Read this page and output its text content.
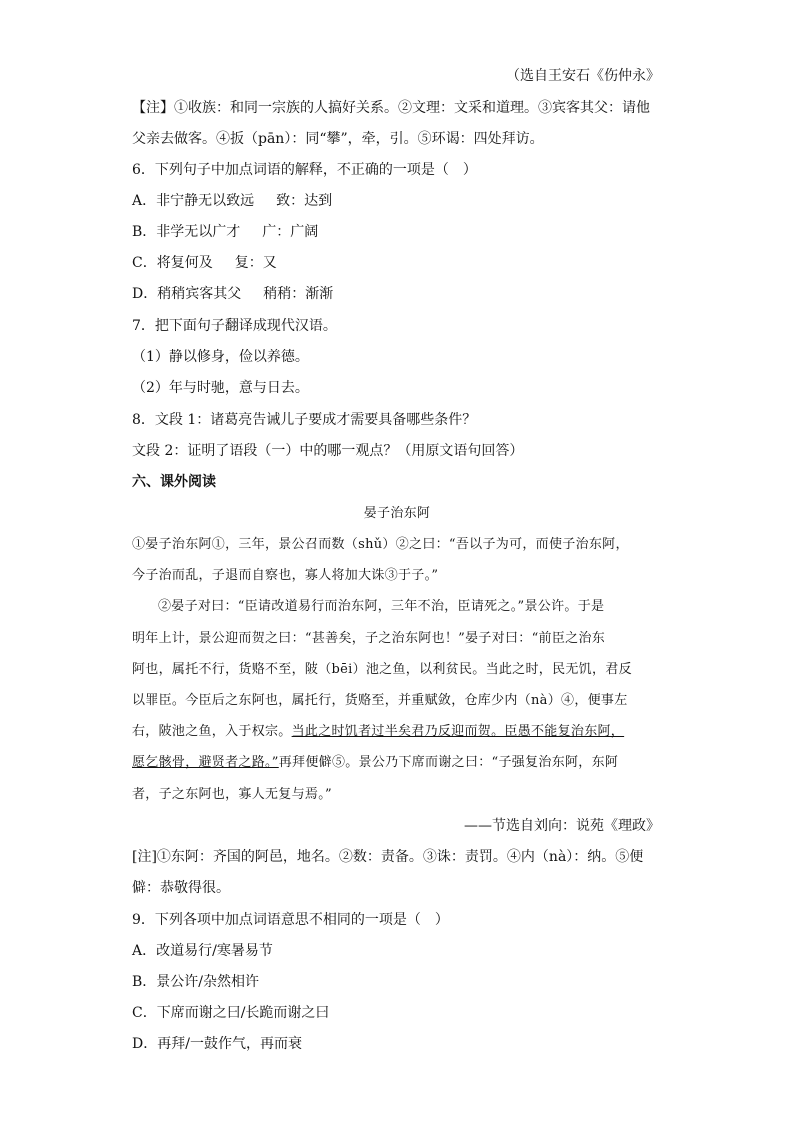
（选自王安石《伤仲永》
【注】①收族：和同一宗族的人搞好关系。②文理：文采和道理。③宾客其父：请他
父亲去做客。④扳（pān）：同“攀”，牵，引。⑤环谒：四处拜访。
6．下列句子中加点词语的解释，不正确的一项是（　）
A．非宁静无以致远 致：达到
B．非学无以广才 广：广阔
C．将复何及 复：又
D．稍稍宾客其父 稍稍：渐渐
7．把下面句子翻译成现代汉语。
（1）静以修身，俭以养德。
（2）年与时驰，意与日去。
8．文段 1：诸葛亮告诫儿子要成才需要具备哪些条件？
文段 2：证明了语段（一）中的哪一观点？（用原文语句回答）
六、课外阅读
晏子治东阿
①晏子治东阿①，三年，景公召而数（shǔ）②之曰：“吾以子为可，而使子治东阿，
今子治而乱，子退而自察也，寡人将加大诛③于子。”
②晏子对曰：“臣请改道易行而治东阿，三年不治，臣请死之。”景公许。于是
明年上计，景公迎而贺之曰：“甚善矣，子之治东阿也！”晏子对曰：“前臣之治东
阿也，属托不行，货赂不至，陂（bēi）池之鱼，以利贫民。当此之时，民无饥，君反
以罪臣。今臣后之东阿也，属托行，货赂至，并重赋敛，仓库少内（nà）④，便事左
右，陂池之鱼，入于权宗。当此之时饥者过半矣君乃反迎而贺。臣愚不能复治东阿，
愿乞骸骨，避贤者之路。”再拜便僻⑤。景公乃下席而谢之曰：“子强复治东阿，东阿
者，子之东阿也，寡人无复与焉。”
——节选自刘向：说苑《理政》
[注]①东阿：齐国的阿邑，地名。②数：责备。③诛：责罚。④内（nà）：纳。⑤便
僻：恭敬得很。
9．下列各项中加点词语意思不相同的一项是（　）
A．改道易行/寒暑易节
B．景公许/杂然相许
C．下席而谢之曰/长跪而谢之曰
D．再拜/一鼓作气，再而衰
